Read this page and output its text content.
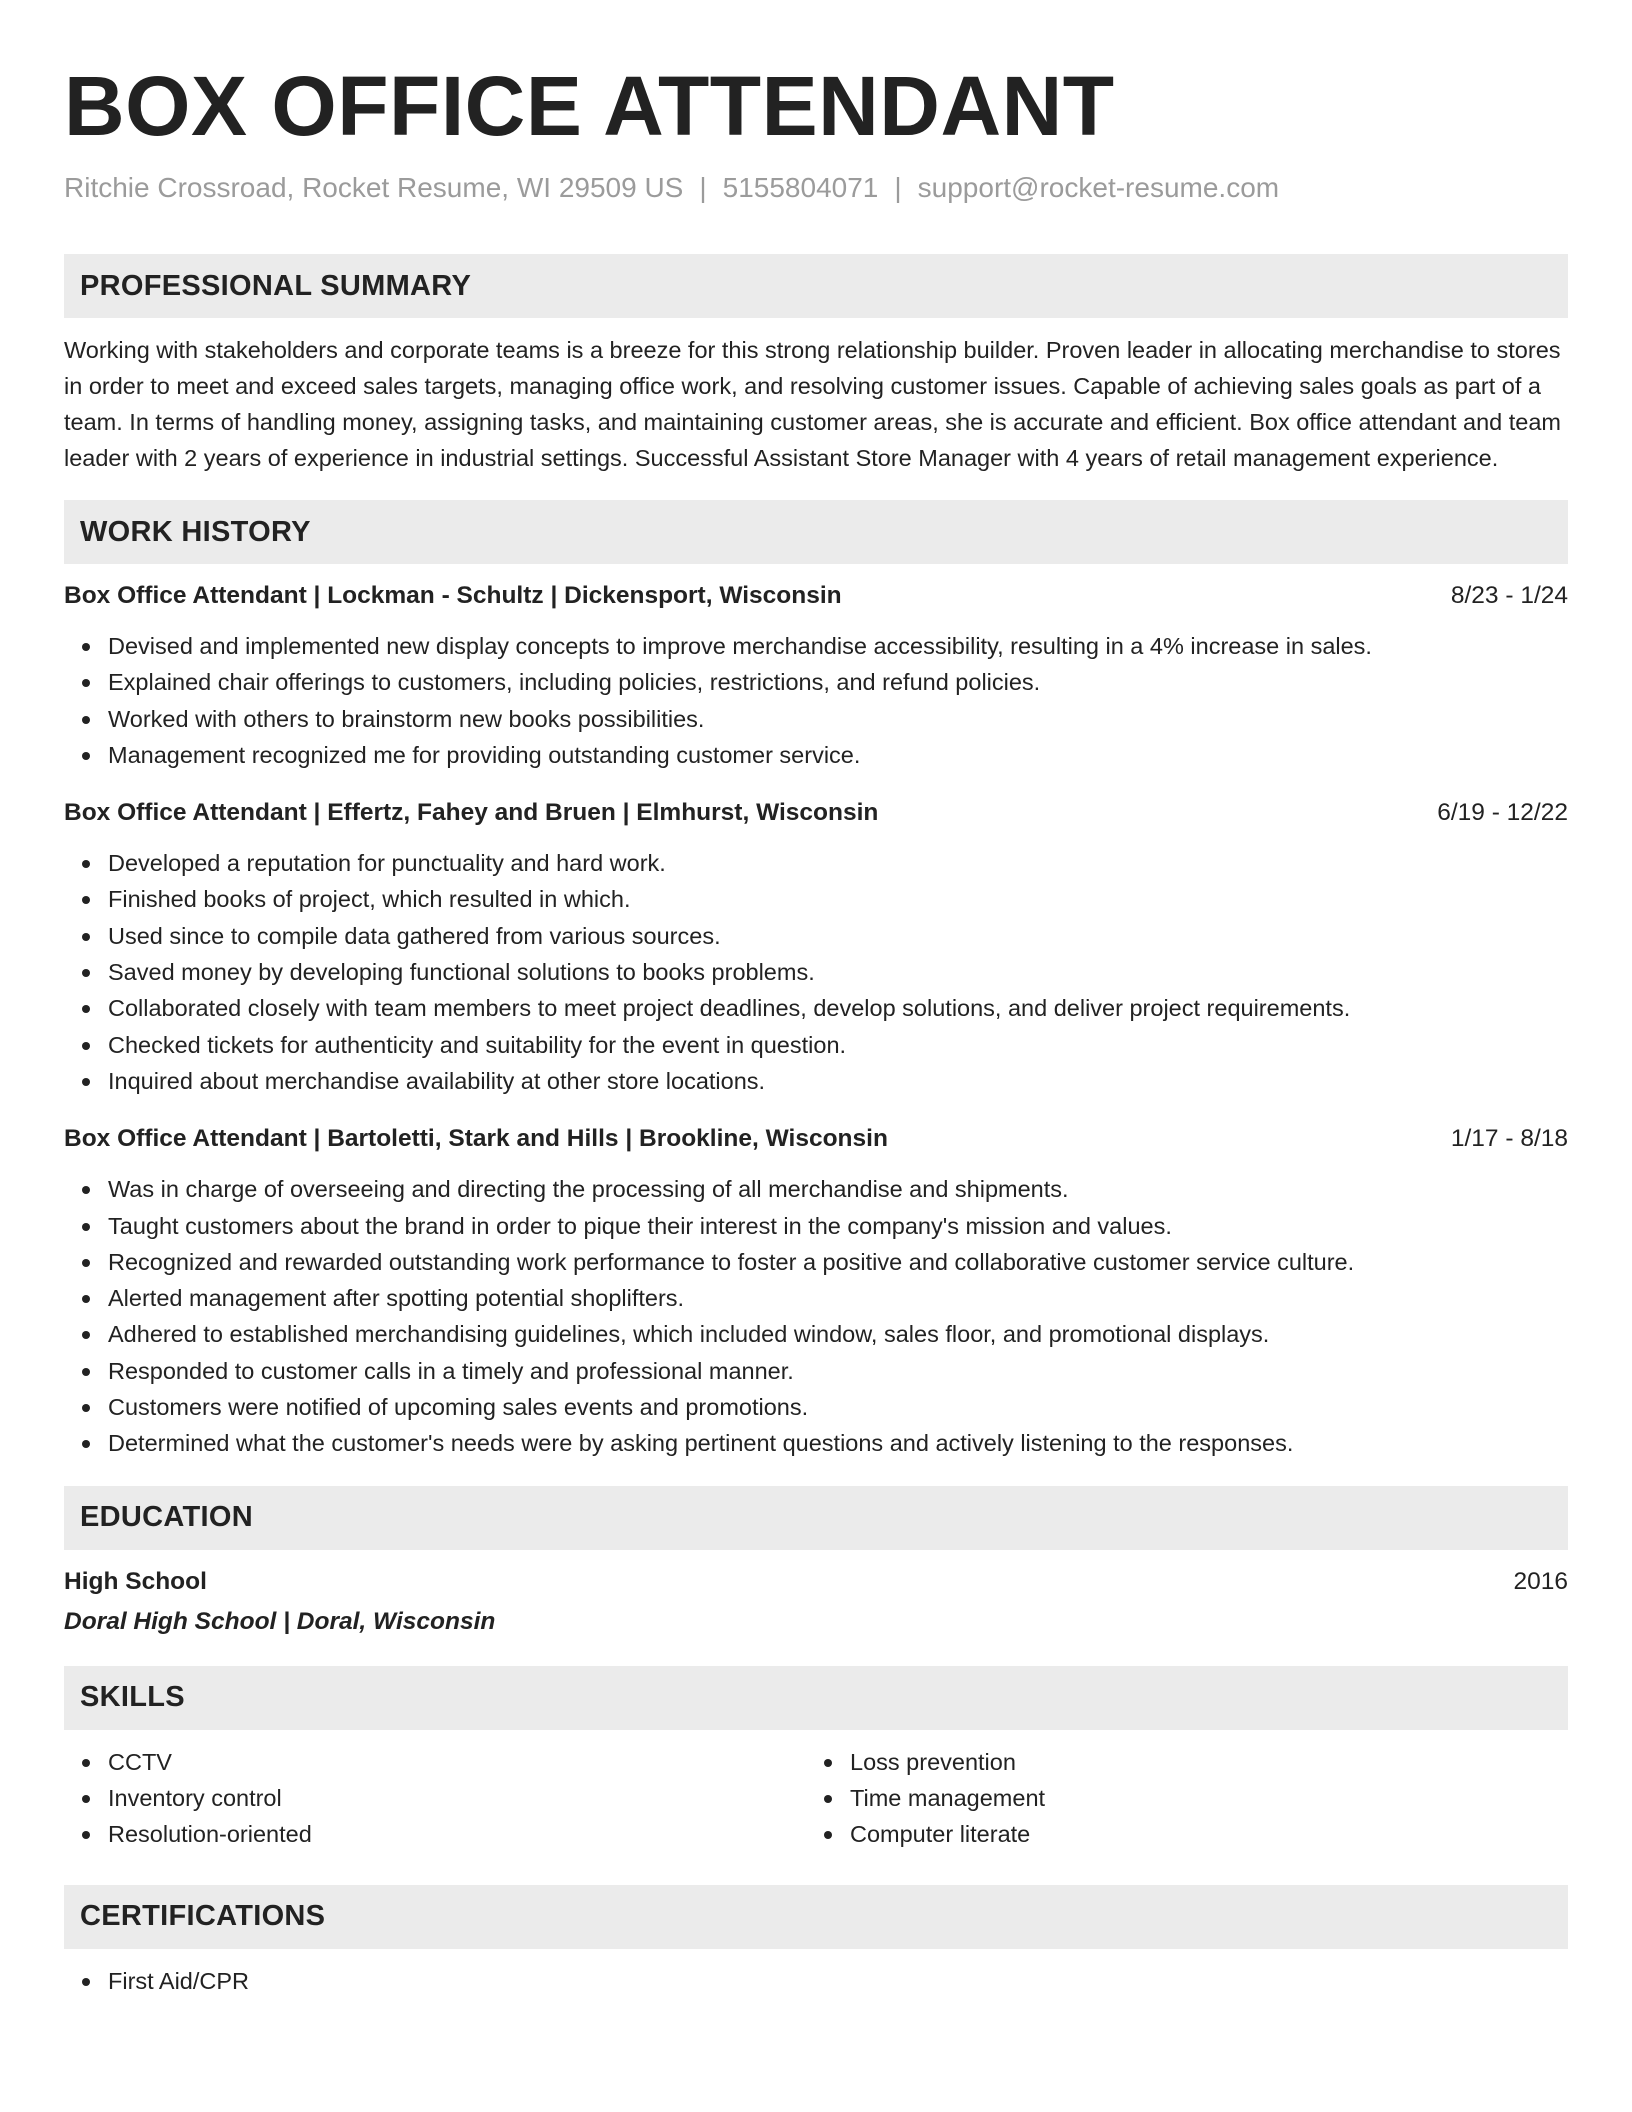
BOX OFFICE ATTENDANT
Ritchie Crossroad, Rocket Resume, WI 29509 US | 5155804071 | support@rocket-resume.com
PROFESSIONAL SUMMARY

Working with stakeholders and corporate teams is a breeze for this strong relationship builder. Proven leader in allocating merchandise to stores in order to meet and exceed sales targets, managing office work, and resolving customer issues. Capable of achieving sales goals as part of a team. In terms of handling money, assigning tasks, and maintaining customer areas, she is accurate and efficient. Box office attendant and team leader with 2 years of experience in industrial settings. Successful Assistant Store Manager with 4 years of retail management experience.

WORK HISTORY
Box Office Attendant | Lockman - Schultz | Dickensport, Wisconsin	8/23 - 1/24
Devised and implemented new display concepts to improve merchandise accessibility, resulting in a 4% increase in sales.
Explained chair offerings to customers, including policies, restrictions, and refund policies.
Worked with others to brainstorm new books possibilities.
Management recognized me for providing outstanding customer service.
Box Office Attendant | Effertz, Fahey and Bruen | Elmhurst, Wisconsin	6/19 - 12/22
Developed a reputation for punctuality and hard work.
Finished books of project, which resulted in which.
Used since to compile data gathered from various sources.
Saved money by developing functional solutions to books problems.
Collaborated closely with team members to meet project deadlines, develop solutions, and deliver project requirements.
Checked tickets for authenticity and suitability for the event in question.
Inquired about merchandise availability at other store locations.
Box Office Attendant | Bartoletti, Stark and Hills | Brookline, Wisconsin	1/17 - 8/18
Was in charge of overseeing and directing the processing of all merchandise and shipments.
Taught customers about the brand in order to pique their interest in the company's mission and values.
Recognized and rewarded outstanding work performance to foster a positive and collaborative customer service culture.
Alerted management after spotting potential shoplifters.
Adhered to established merchandising guidelines, which included window, sales floor, and promotional displays.
Responded to customer calls in a timely and professional manner.
Customers were notified of upcoming sales events and promotions.
Determined what the customer's needs were by asking pertinent questions and actively listening to the responses.
EDUCATION
High School	2016
Doral High School | Doral, Wisconsin
SKILLS
CCTV
Inventory control
Resolution-oriented
Loss prevention
Time management
Computer literate
CERTIFICATIONS
First Aid/CPR
